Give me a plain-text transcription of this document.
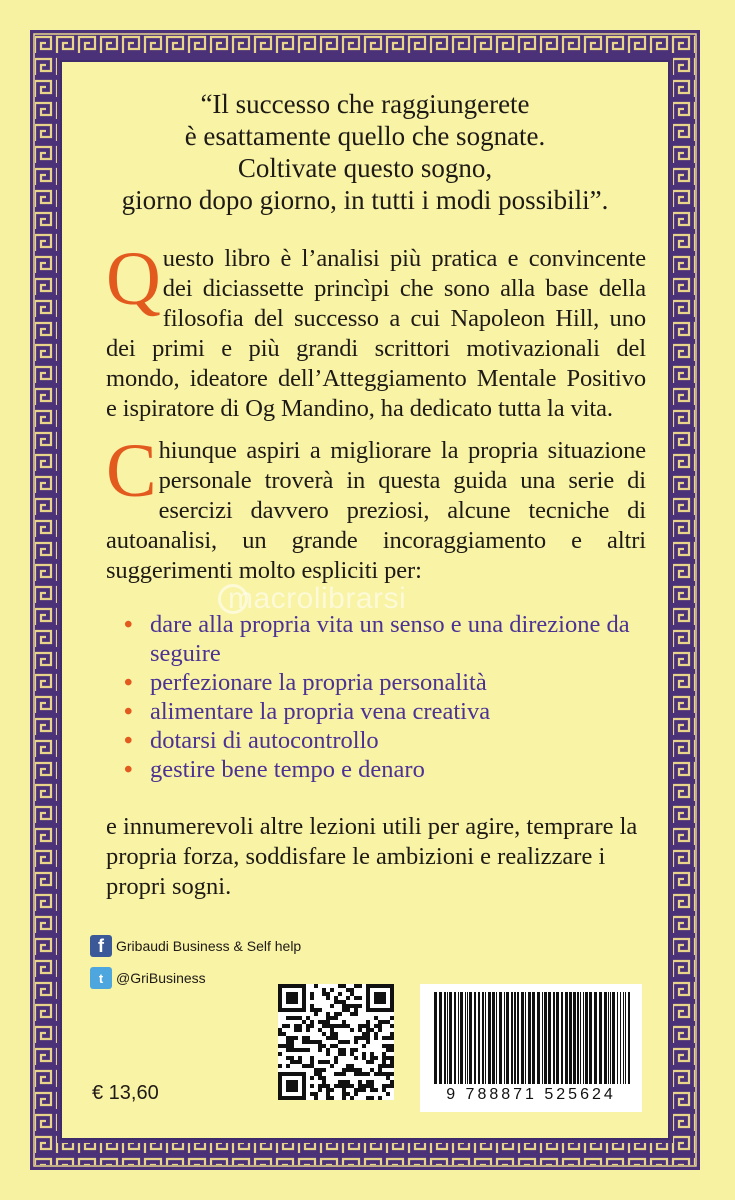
“Il successo che raggiungerete
è esattamente quello che sognate.
Coltivate questo sogno,
giorno dopo giorno, in tutti i modi possibili”.
Q uesto libro è l’analisi più pratica e convincente dei diciassette princìpi che sono alla base della filosofia del successo a cui Napoleon Hill, uno dei primi e più grandi scrittori motivazionali del mondo, ideatore dell’Atteggiamento Mentale Positivo e ispiratore di Og Mandino, ha dedicato tutta la vita.
C hiunque aspiri a migliorare la propria situazione personale troverà in questa guida una serie di esercizi davvero preziosi, alcune tecniche di autoanalisi, un grande incoraggiamento e altri suggerimenti molto espliciti per:
macrolibrarsi
• dare alla propria vita un senso e una direzione da seguire
• perfezionare la propria personalità
• alimentare la propria vena creativa
• dotarsi di autocontrollo
• gestire bene tempo e denaro
e innumerevoli altre lezioni utili per agire, temprare la propria forza, soddisfare le ambizioni e realizzare i propri sogni.
f Gribaudi Business & Self help
t @GriBusiness
9 788871 525624
€ 13,60
